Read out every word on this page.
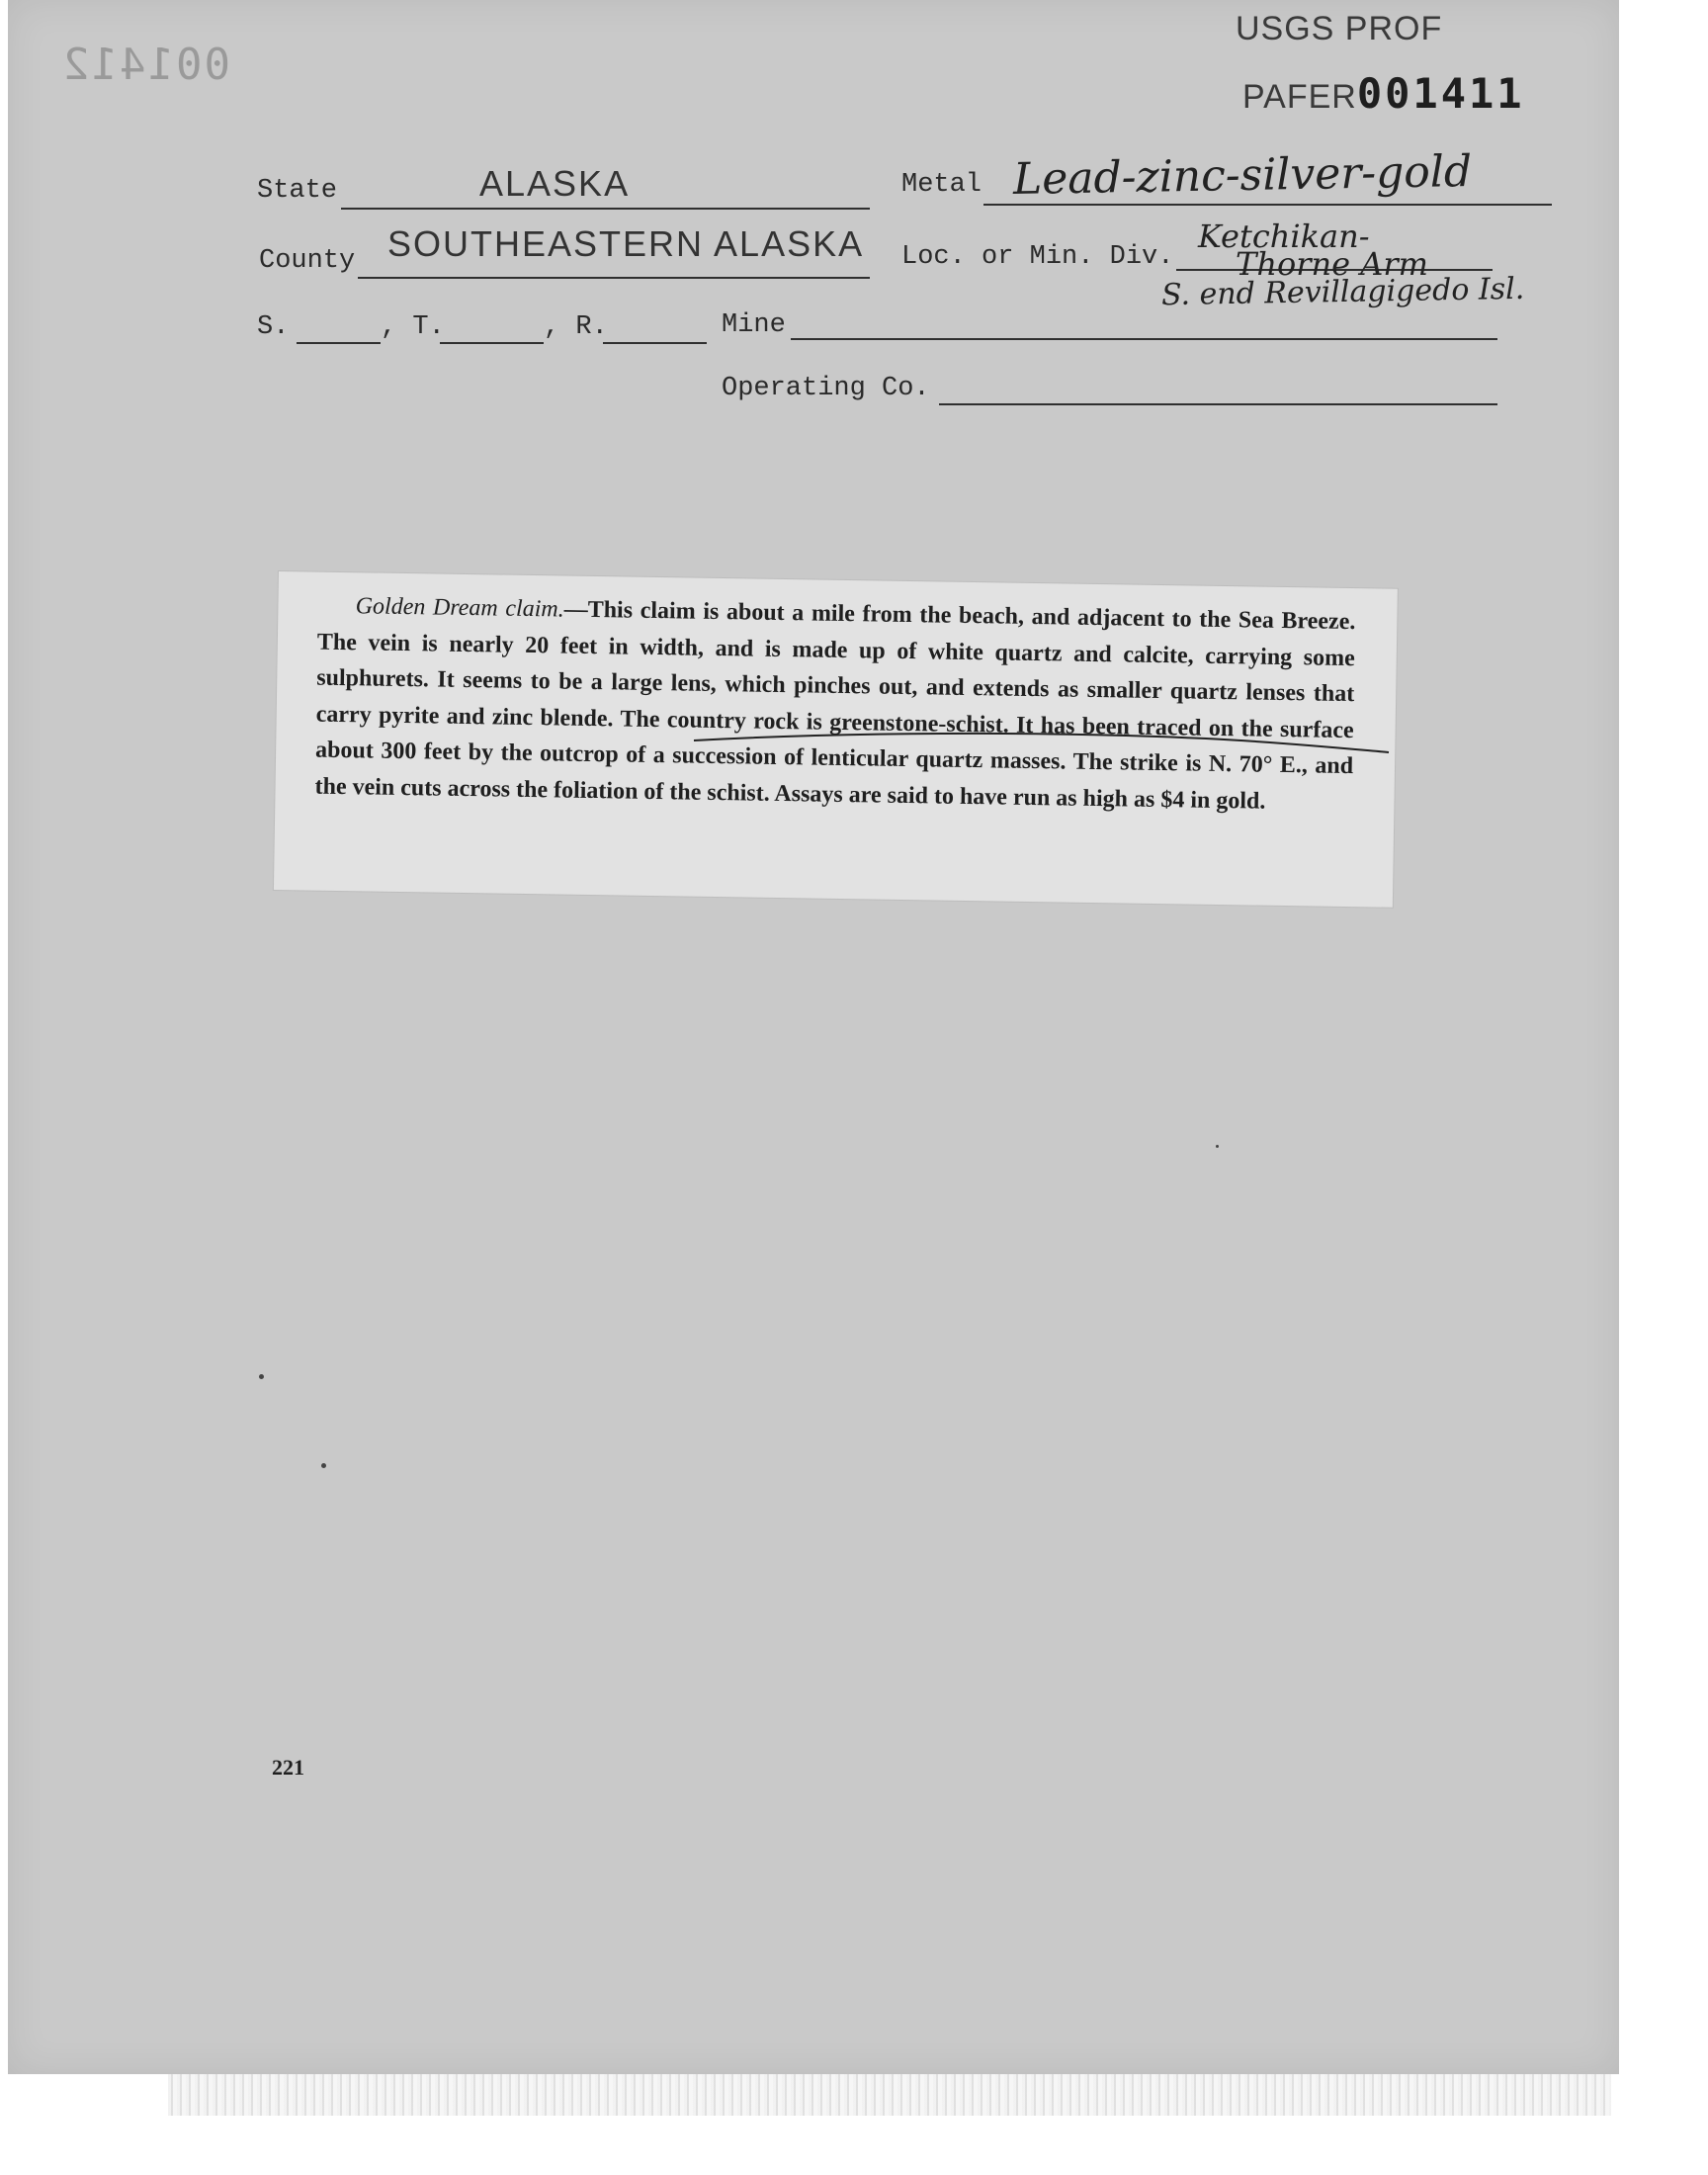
001412
USGS PROF
PAFER001411
State	ALASKA	Metal Lead-zinc-silver-gold
County SOUTHEASTERN ALASKA Loc. or Min. Div.
Ketchikan-
Thorne Arm
S. end Revillagigedo Isl.
S.	, T.	, R.	Mine
Operating Co.
Golden Dream claim.—This claim is about a mile from the beach, and adjacent to the Sea Breeze. The vein is nearly 20 feet in width, and is made up of white quartz and calcite, carrying some sulphurets. It seems to be a large lens, which pinches out, and extends as smaller quartz lenses that carry pyrite and zinc blende. The country rock is greenstone-schist. It has been traced on the surface about 300 feet by the outcrop of a succession of lenticular quartz masses. The strike is N. 70° E., and the vein cuts across the foliation of the schist. Assays are said to have run as high as $4 in gold.
221
